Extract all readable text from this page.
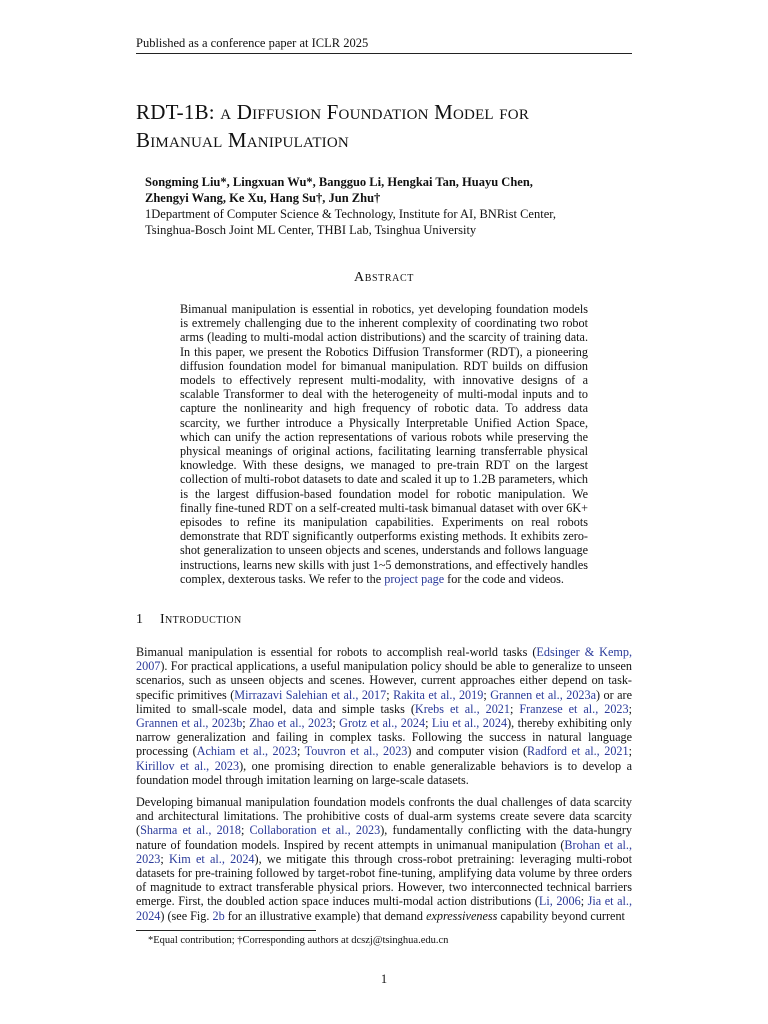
Published as a conference paper at ICLR 2025
RDT-1B: a Diffusion Foundation Model for
Bimanual Manipulation
Songming Liu*, Lingxuan Wu*, Bangguo Li, Hengkai Tan, Huayu Chen,
Zhengyi Wang, Ke Xu, Hang Su†, Jun Zhu†
1Department of Computer Science & Technology, Institute for AI, BNRist Center,
Tsinghua-Bosch Joint ML Center, THBI Lab, Tsinghua University
Abstract
Bimanual manipulation is essential in robotics, yet developing foundation models is extremely challenging due to the inherent complexity of coordinating two robot arms (leading to multi-modal action distributions) and the scarcity of training data. In this paper, we present the Robotics Diffusion Transformer (RDT), a pioneering diffusion foundation model for bimanual manipulation. RDT builds on diffusion models to effectively represent multi-modality, with innovative designs of a scalable Transformer to deal with the heterogeneity of multi-modal inputs and to capture the nonlinearity and high frequency of robotic data. To address data scarcity, we further introduce a Physically Interpretable Unified Action Space, which can unify the action representations of various robots while preserving the physical meanings of original actions, facilitating learning transferrable physical knowledge. With these designs, we managed to pre-train RDT on the largest collection of multi-robot datasets to date and scaled it up to 1.2B parameters, which is the largest diffusion-based foundation model for robotic manipulation. We finally fine-tuned RDT on a self-created multi-task bimanual dataset with over 6K+ episodes to refine its manipulation capabilities. Experiments on real robots demonstrate that RDT significantly outperforms existing methods. It exhibits zero-shot generalization to unseen objects and scenes, understands and follows language instructions, learns new skills with just 1~5 demonstrations, and effectively handles complex, dexterous tasks. We refer to the project page for the code and videos.
1 Introduction
Bimanual manipulation is essential for robots to accomplish real-world tasks (Edsinger & Kemp, 2007). For practical applications, a useful manipulation policy should be able to generalize to unseen scenarios, such as unseen objects and scenes. However, current approaches either depend on task-specific primitives (Mirrazavi Salehian et al., 2017; Rakita et al., 2019; Grannen et al., 2023a) or are limited to small-scale model, data and simple tasks (Krebs et al., 2021; Franzese et al., 2023; Grannen et al., 2023b; Zhao et al., 2023; Grotz et al., 2024; Liu et al., 2024), thereby exhibiting only narrow generalization and failing in complex tasks. Following the success in natural language processing (Achiam et al., 2023; Touvron et al., 2023) and computer vision (Radford et al., 2021; Kirillov et al., 2023), one promising direction to enable generalizable behaviors is to develop a foundation model through imitation learning on large-scale datasets.
Developing bimanual manipulation foundation models confronts the dual challenges of data scarcity and architectural limitations. The prohibitive costs of dual-arm systems create severe data scarcity (Sharma et al., 2018; Collaboration et al., 2023), fundamentally conflicting with the data-hungry nature of foundation models. Inspired by recent attempts in unimanual manipulation (Brohan et al., 2023; Kim et al., 2024), we mitigate this through cross-robot pretraining: leveraging multi-robot datasets for pre-training followed by target-robot fine-tuning, amplifying data volume by three orders of magnitude to extract transferable physical priors. However, two interconnected technical barriers emerge. First, the doubled action space induces multi-modal action distributions (Li, 2006; Jia et al., 2024) (see Fig. 2b for an illustrative example) that demand expressiveness capability beyond current
*Equal contribution; †Corresponding authors at dcszj@tsinghua.edu.cn
1
